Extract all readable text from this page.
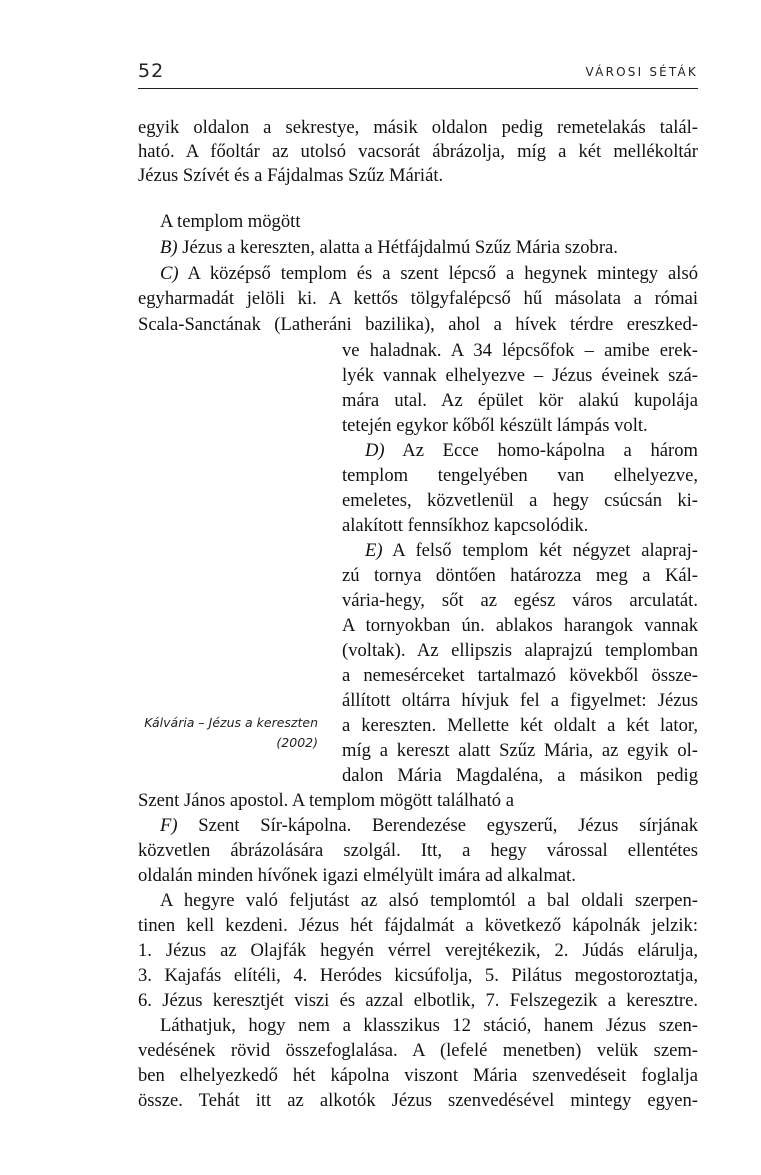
52	VÁROSI SÉTÁK
egyik oldalon a sekrestye, másik oldalon pedig remetelakás talál-
ható. A főoltár az utolsó vacsorát ábrázolja, míg a két mellékoltár
Jézus Szívét és a Fájdalmas Szűz Máriát.
A templom mögött
B) Jézus a kereszten, alatta a Hétfájdalmú Szűz Mária szobra.
C) A középső templom és a szent lépcső a hegynek mintegy alsó
egyharmadát jelöli ki. A kettős tölgyfalépcső hű másolata a római
Scala-Sanctának (Latheráni bazilika), ahol a hívek térdre ereszked-
ve haladnak. A 34 lépcsőfok – amibe erek-
lyék vannak elhelyezve – Jézus éveinek szá-
mára utal. Az épület kör alakú kupolája
tetején egykor kőből készült lámpás volt.
D) Az Ecce homo-kápolna a három
templom tengelyében van elhelyezve,
emeletes, közvetlenül a hegy csúcsán ki-
alakított fennsíkhoz kapcsolódik.
E) A felső templom két négyzet alapraj-
zú tornya döntően határozza meg a Kál-
vária-hegy, sőt az egész város arculatát.
A tornyokban ún. ablakos harangok vannak
(voltak). Az ellipszis alaprajzú templomban
a nemesérceket tartalmazó kövekből össze-
állított oltárra hívjuk fel a figyelmet: Jézus
a kereszten. Mellette két oldalt a két lator,
míg a kereszt alatt Szűz Mária, az egyik ol-
dalon Mária Magdaléna, a másikon pedig
Szent János apostol. A templom mögött található a
Kálvária – Jézus a kereszten
(2002)
F) Szent Sír-kápolna. Berendezése egyszerű, Jézus sírjának
közvetlen ábrázolására szolgál. Itt, a hegy várossal ellentétes
oldalán minden hívőnek igazi elmélyült imára ad alkalmat.
A hegyre való feljutást az alsó templomtól a bal oldali szerpen-
tinen kell kezdeni. Jézus hét fájdalmát a következő kápolnák jelzik:
1. Jézus az Olajfák hegyén vérrel verejtékezik, 2. Júdás elárulja,
3. Kajafás elítéli, 4. Heródes kicsúfolja, 5. Pilátus megostoroztatja,
6. Jézus keresztjét viszi és azzal elbotlik, 7. Felszegezik a keresztre.
Láthatjuk, hogy nem a klasszikus 12 stáció, hanem Jézus szen-
vedésének rövid összefoglalása. A (lefelé menetben) velük szem-
ben elhelyezkedő hét kápolna viszont Mária szenvedéseit foglalja
össze. Tehát itt az alkotók Jézus szenvedésével mintegy egyen-
